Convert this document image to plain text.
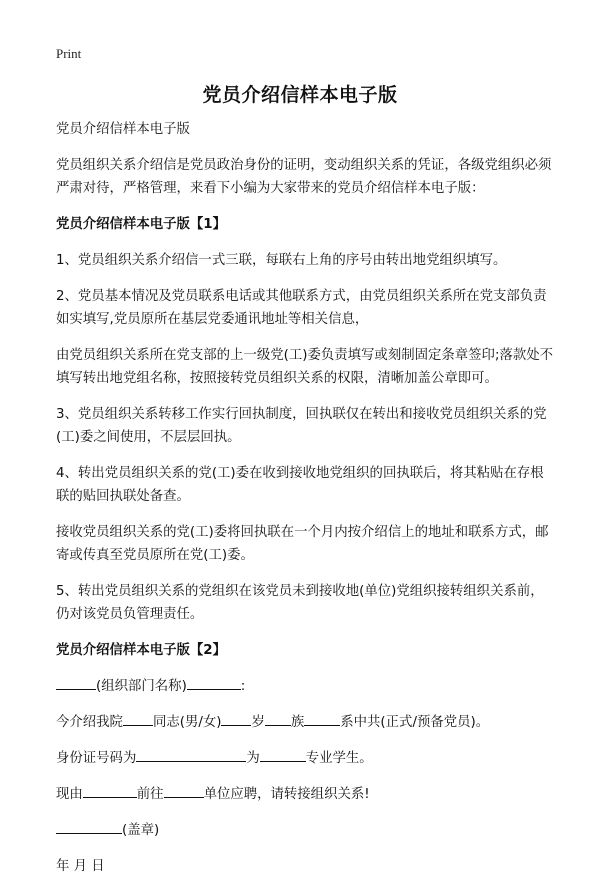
Print
党员介绍信样本电子版

党员介绍信样本电子版

党员组织关系介绍信是党员政治身份的证明，变动组织关系的凭证，各级党组织必须严肃对待，严格管理，来看下小编为大家带来的党员介绍信样本电子版：

党员介绍信样本电子版【1】

1、党员组织关系介绍信一式三联，每联右上角的序号由转出地党组织填写。

2、党员基本情况及党员联系电话或其他联系方式，由党员组织关系所在党支部负责如实填写,党员原所在基层党委通讯地址等相关信息，

由党员组织关系所在党支部的上一级党(工)委负责填写或刻制固定条章签印;落款处不填写转出地党组名称，按照接转党员组织关系的权限，清晰加盖公章即可。

3、党员组织关系转移工作实行回执制度，回执联仅在转出和接收党员组织关系的党(工)委之间使用，不层层回执。

4、转出党员组织关系的党(工)委在收到接收地党组织的回执联后，将其粘贴在存根联的贴回执联处备查。

接收党员组织关系的党(工)委将回执联在一个月内按介绍信上的地址和联系方式，邮寄或传真至党员原所在党(工)委。

5、转出党员组织关系的党组织在该党员未到接收地(单位)党组织接转组织关系前，仍对该党员负管理责任。

党员介绍信样本电子版【2】

(组织部门名称)	:

今介绍我院 同志(男/女) 岁 族	系中共(正式/预备党员)。

身份证号码为	为	专业学生。

现由	前往	单位应聘，请转接组织关系!

(盖章)

年 月 日
